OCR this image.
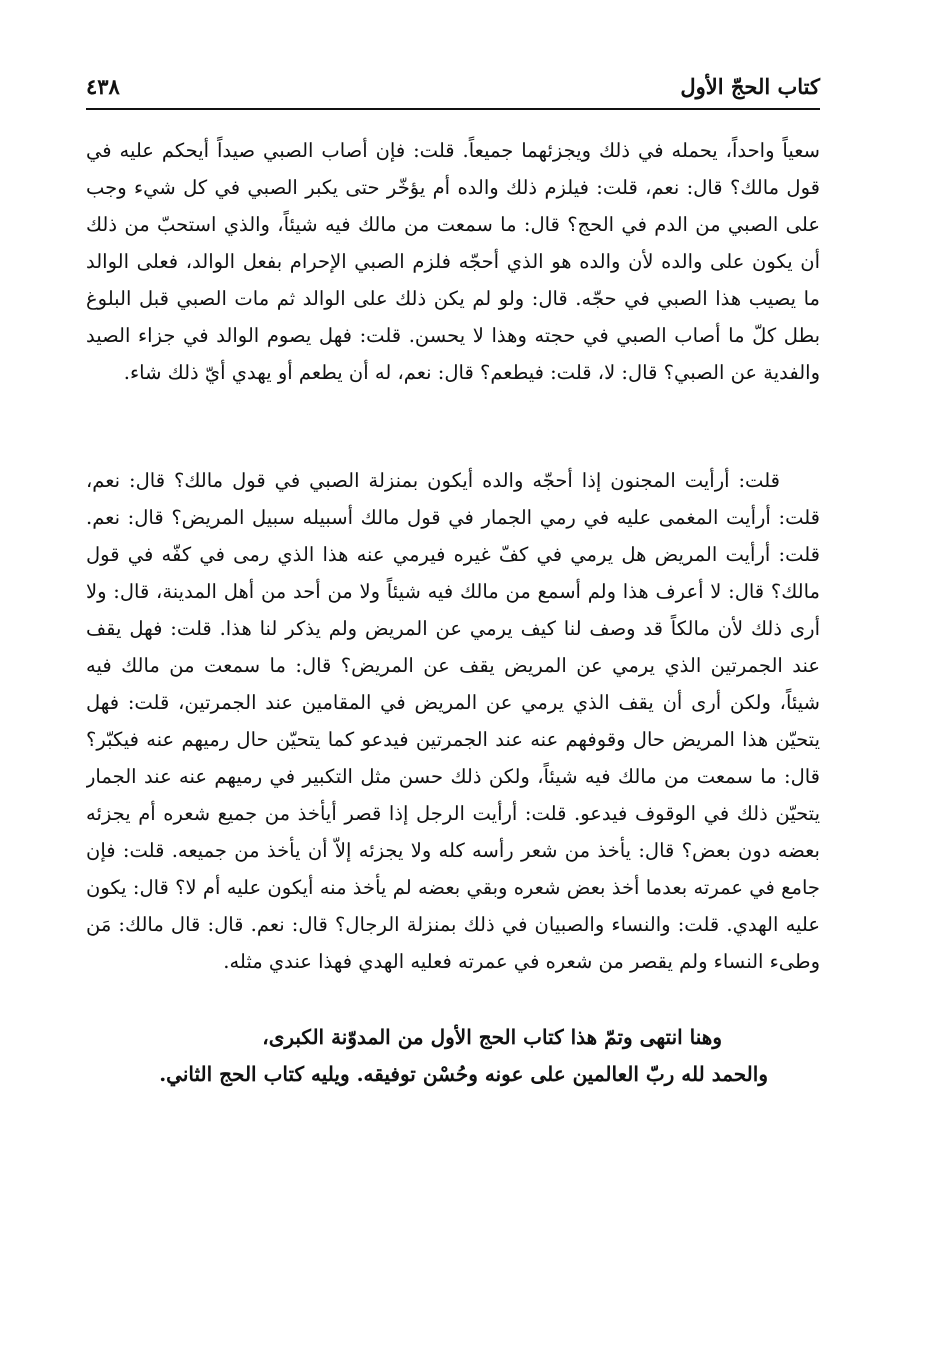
كتاب الحجّ الأول
٤٣٨

سعياً واحداً، يحمله في ذلك ويجزئهما جميعاً. قلت: فإن أصاب الصبي صيداً أيحكم عليه في قول مالك؟ قال: نعم، قلت: فيلزم ذلك والده أم يؤخّر حتى يكبر الصبي في كل شيء وجب على الصبي من الدم في الحج؟ قال: ما سمعت من مالك فيه شيئاً، والذي استحبّ من ذلك أن يكون على والده لأن والده هو الذي أحجّه فلزم الصبي الإحرام بفعل الوالد، فعلى الوالد ما يصيب هذا الصبي في حجّه. قال: ولو لم يكن ذلك على الوالد ثم مات الصبي قبل البلوغ بطل كلّ ما أصاب الصبي في حجته وهذا لا يحسن. قلت: فهل يصوم الوالد في جزاء الصيد والفدية عن الصبي؟ قال: لا، قلت: فيطعم؟ قال: نعم، له أن يطعم أو يهدي أيّ ذلك شاء.

قلت: أرأيت المجنون إذا أحجّه والده أيكون بمنزلة الصبي في قول مالك؟ قال: نعم، قلت: أرأيت المغمى عليه في رمي الجمار في قول مالك أسبيله سبيل المريض؟ قال: نعم. قلت: أرأيت المريض هل يرمي في كفّ غيره فيرمي عنه هذا الذي رمى في كفّه في قول مالك؟ قال: لا أعرف هذا ولم أسمع من مالك فيه شيئاً ولا من أحد من أهل المدينة، قال: ولا أرى ذلك لأن مالكاً قد وصف لنا كيف يرمي عن المريض ولم يذكر لنا هذا. قلت: فهل يقف عند الجمرتين الذي يرمي عن المريض يقف عن المريض؟ قال: ما سمعت من مالك فيه شيئاً، ولكن أرى أن يقف الذي يرمي عن المريض في المقامين عند الجمرتين، قلت: فهل يتحيّن هذا المريض حال وقوفهم عنه عند الجمرتين فيدعو كما يتحيّن حال رميهم عنه فيكبّر؟ قال: ما سمعت من مالك فيه شيئاً، ولكن ذلك حسن مثل التكبير في رميهم عنه عند الجمار يتحيّن ذلك في الوقوف فيدعو. قلت: أرأيت الرجل إذا قصر أيأخذ من جميع شعره أم يجزئه بعضه دون بعض؟ قال: يأخذ من شعر رأسه كله ولا يجزئه إلاّ أن يأخذ من جميعه. قلت: فإن جامع في عمرته بعدما أخذ بعض شعره وبقي بعضه لم يأخذ منه أيكون عليه أم لا؟ قال: يكون عليه الهدي. قلت: والنساء والصبيان في ذلك بمنزلة الرجال؟ قال: نعم. قال: قال مالك: مَن وطىء النساء ولم يقصر من شعره في عمرته فعليه الهدي فهذا عندي مثله.

وهنا انتهى وتمّ هذا كتاب الحج الأول من المدوّنة الكبرى،

والحمد لله ربّ العالمين على عونه وحُسْن توفيقه. ويليه كتاب الحج الثاني.
